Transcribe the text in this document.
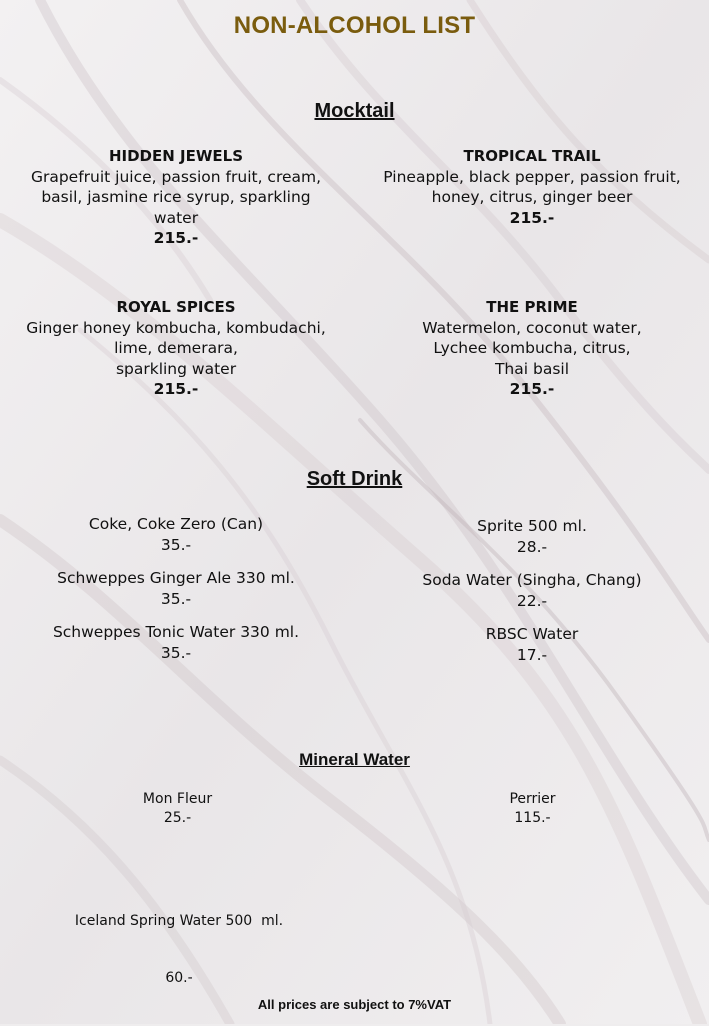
NON-ALCOHOL LIST
Mocktail
HIDDEN JEWELS
Grapefruit juice, passion fruit, cream,
basil, jasmine rice syrup, sparkling
water
215.-
TROPICAL TRAIL
Pineapple, black pepper, passion fruit,
honey, citrus, ginger beer
215.-
ROYAL SPICES
Ginger honey kombucha, kombudachi,
lime, demerara,
sparkling water
215.-
THE PRIME
Watermelon, coconut water,
Lychee kombucha, citrus,
Thai basil
215.-
Soft Drink
Coke, Coke Zero (Can)
35.-
Schweppes Ginger Ale 330 ml.
35.-
Schweppes Tonic Water 330 ml.
35.-
Sprite 500 ml.
28.-
Soda Water (Singha, Chang)
22.-
RBSC Water
17.-
Mineral Water
Mon Fleur
25.-
Perrier
115.-

Iceland Spring Water 500  ml.

60.-

All prices are subject to 7%VAT
